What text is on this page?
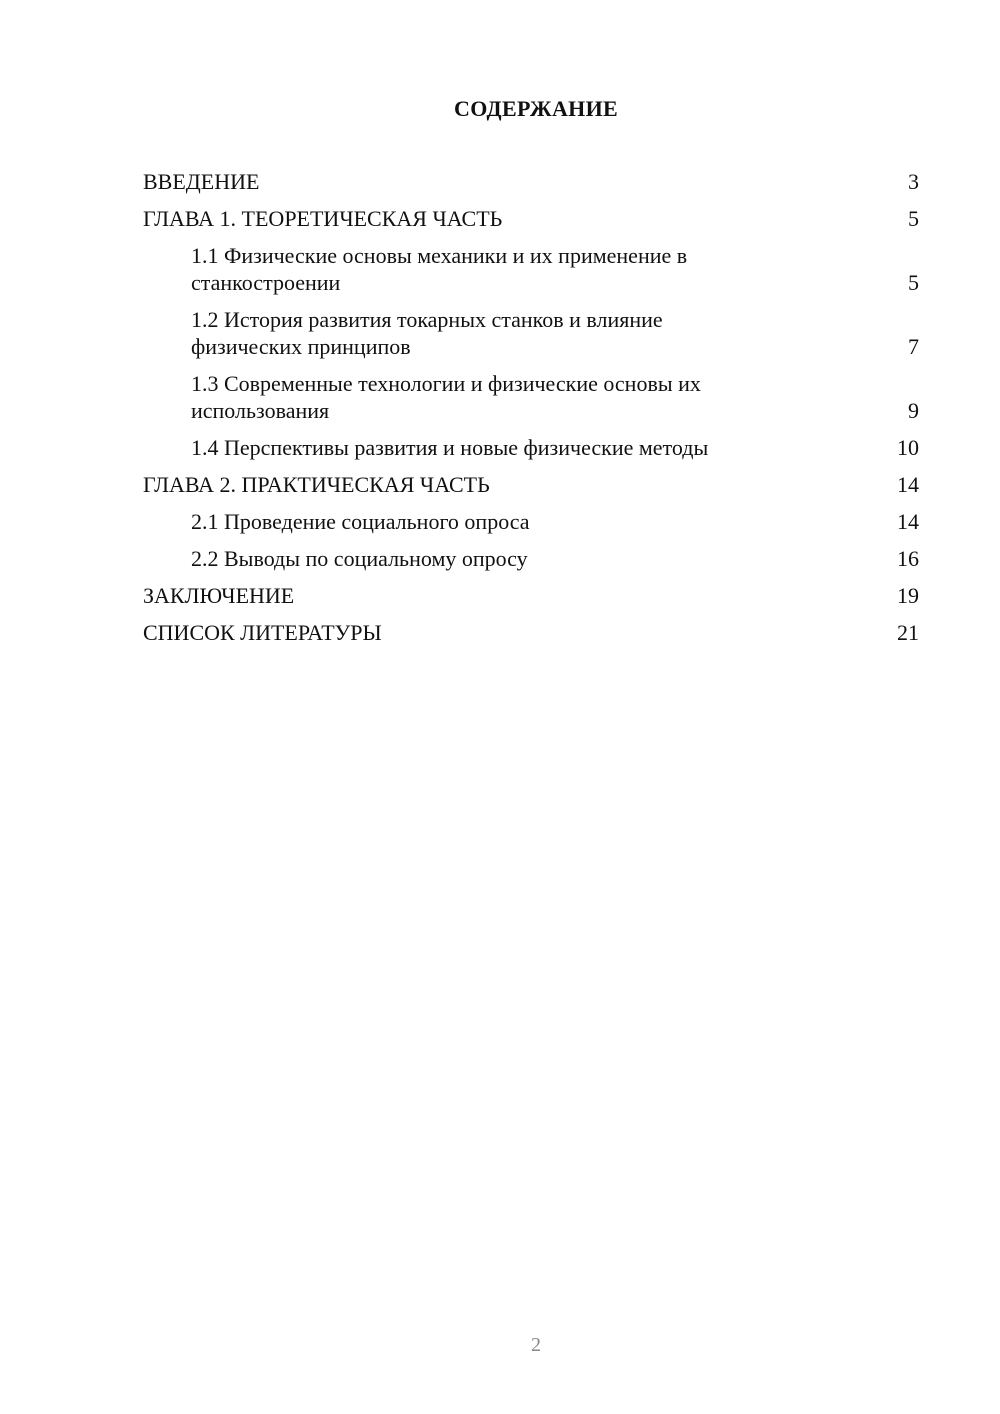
СОДЕРЖАНИЕ
ВВЕДЕНИЕ	3
ГЛАВА 1. ТЕОРЕТИЧЕСКАЯ ЧАСТЬ	5
1.1 Физические основы механики и их применение в станкостроении	5
1.2 История развития токарных станков и влияние физических принципов	7
1.3 Современные технологии и физические основы их использования	9
1.4 Перспективы развития и новые физические методы	10
ГЛАВА 2. ПРАКТИЧЕСКАЯ ЧАСТЬ	14
2.1 Проведение социального опроса	14
2.2 Выводы по социальному опросу	16
ЗАКЛЮЧЕНИЕ	19
СПИСОК ЛИТЕРАТУРЫ	21
2
